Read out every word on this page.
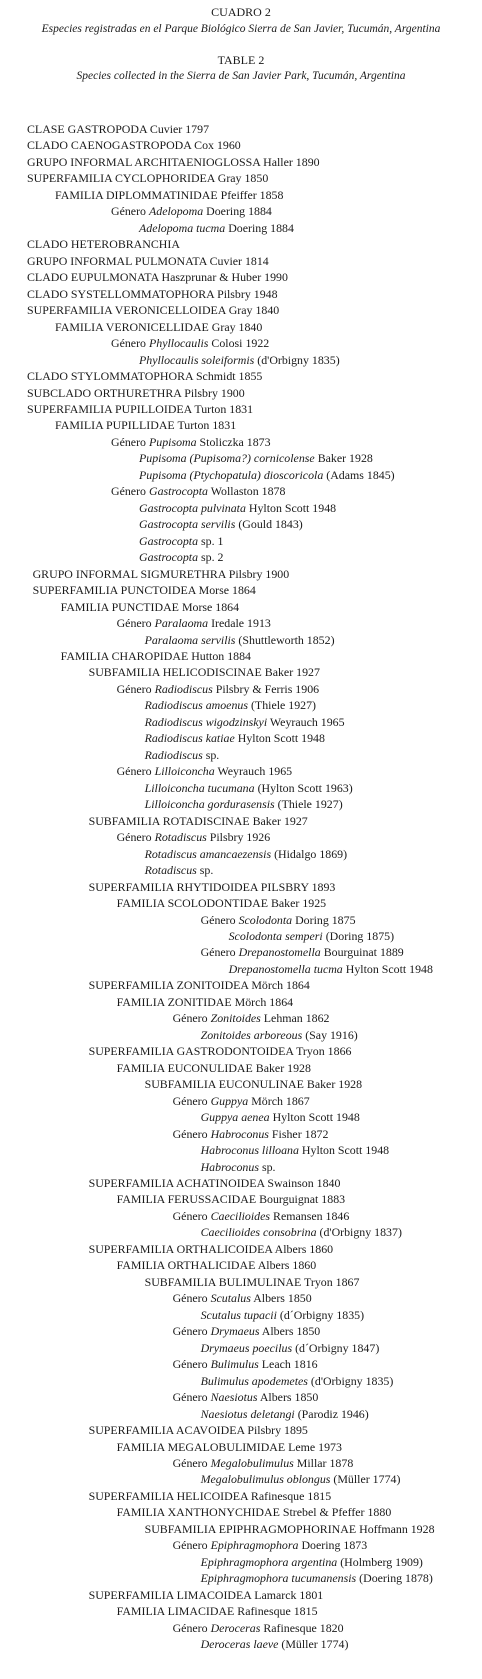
CUADRO 2
Especies registradas en el Parque Biológico Sierra de San Javier, Tucumán, Argentina
TABLE 2
Species collected in the Sierra de San Javier Park, Tucumán, Argentina
CLASE GASTROPODA Cuvier 1797
CLADO CAENOGASTROPODA Cox 1960
GRUPO INFORMAL ARCHITAENIOGLOSSA Haller 1890
SUPERFAMILIA CYCLOPHORIDEA Gray 1850
FAMILIA DIPLOMMATINIDAE Pfeiffer 1858
Género Adelopoma Doering 1884
Adelopoma tucma Doering 1884
CLADO HETEROBRANCHIA
GRUPO INFORMAL PULMONATA Cuvier 1814
CLADO EUPULMONATA Haszprunar & Huber 1990
CLADO SYSTELLOMMATOPHORA Pilsbry 1948
SUPERFAMILIA VERONICELLOIDEA Gray 1840
FAMILIA VERONICELLIDAE Gray 1840
Género Phyllocaulis Colosi 1922
Phyllocaulis soleiformis (d'Orbigny 1835)
CLADO STYLOMMATOPHORA Schmidt 1855
SUBCLADO ORTHURETHRA Pilsbry 1900
SUPERFAMILIA PUPILLOIDEA Turton 1831
FAMILIA PUPILLIDAE Turton 1831
Género Pupisoma Stoliczka 1873
Pupisoma (Pupisoma?) cornicolense Baker 1928
Pupisoma (Ptychopatula) dioscoricola (Adams 1845)
Género Gastrocopta Wollaston 1878
Gastrocopta pulvinata Hylton Scott 1948
Gastrocopta servilis (Gould 1843)
Gastrocopta sp. 1
Gastrocopta sp. 2
GRUPO INFORMAL SIGMURETHRA Pilsbry 1900
SUPERFAMILIA PUNCTOIDEA Morse 1864
FAMILIA PUNCTIDAE Morse 1864
Género Paralaoma Iredale 1913
Paralaoma servilis (Shuttleworth 1852)
FAMILIA CHAROPIDAE Hutton 1884
SUBFAMILIA HELICODISCINAE Baker 1927
Género Radiodiscus Pilsbry & Ferris 1906
Radiodiscus amoenus (Thiele 1927)
Radiodiscus wigodzinskyi Weyrauch 1965
Radiodiscus katiae Hylton Scott 1948
Radiodiscus sp.
Género Lilloiconcha Weyrauch 1965
Lilloiconcha tucumana (Hylton Scott 1963)
Lilloiconcha gordurasensis (Thiele 1927)
SUBFAMILIA ROTADISCINAE Baker 1927
Género Rotadiscus Pilsbry 1926
Rotadiscus amancaezensis (Hidalgo 1869)
Rotadiscus sp.
SUPERFAMILIA RHYTIDOIDEA PILSBRY 1893
FAMILIA SCOLODONTIDAE Baker 1925
Género Scolodonta Doring 1875
Scolodonta semperi (Doring 1875)
Género Drepanostomella Bourguinat 1889
Drepanostomella tucma Hylton Scott 1948
SUPERFAMILIA ZONITOIDEA Mörch 1864
FAMILIA ZONITIDAE Mörch 1864
Género Zonitoides Lehman 1862
Zonitoides arboreous (Say 1916)
SUPERFAMILIA GASTRODONTOIDEA Tryon 1866
FAMILIA EUCONULIDAE Baker 1928
SUBFAMILIA EUCONULINAE Baker 1928
Género Guppya Mörch 1867
Guppya aenea Hylton Scott 1948
Género Habroconus Fisher 1872
Habroconus lilloana Hylton Scott 1948
Habroconus sp.
SUPERFAMILIA ACHATINOIDEA Swainson 1840
FAMILIA FERUSSACIDAE Bourguignat 1883
Género Caecilioides Remansen 1846
Caecilioides consobrina (d'Orbigny 1837)
SUPERFAMILIA ORTHALICOIDEA Albers 1860
FAMILIA ORTHALICIDAE Albers 1860
SUBFAMILIA BULIMULINAE Tryon 1867
Género Scutalus Albers 1850
Scutalus tupacii (d´Orbigny 1835)
Género Drymaeus Albers 1850
Drymaeus poecilus (d´Orbigny 1847)
Género Bulimulus Leach 1816
Bulimulus apodemetes (d'Orbigny 1835)
Género Naesiotus Albers 1850
Naesiotus deletangi (Parodiz 1946)
SUPERFAMILIA ACAVOIDEA Pilsbry 1895
FAMILIA MEGALOBULIMIDAE Leme 1973
Género Megalobulimulus Millar 1878
Megalobulimulus oblongus (Müller 1774)
SUPERFAMILIA HELICOIDEA Rafinesque 1815
FAMILIA XANTHONYCHIDAE Strebel & Pfeffer 1880
SUBFAMILIA EPIPHRAGMOPHORINAE Hoffmann 1928
Género Epiphragmophora Doering 1873
Epiphragmophora argentina (Holmberg 1909)
Epiphragmophora tucumanensis (Doering 1878)
SUPERFAMILIA LIMACOIDEA Lamarck 1801
FAMILIA LIMACIDAE Rafinesque 1815
Género Deroceras Rafinesque 1820
Deroceras laeve (Müller 1774)
